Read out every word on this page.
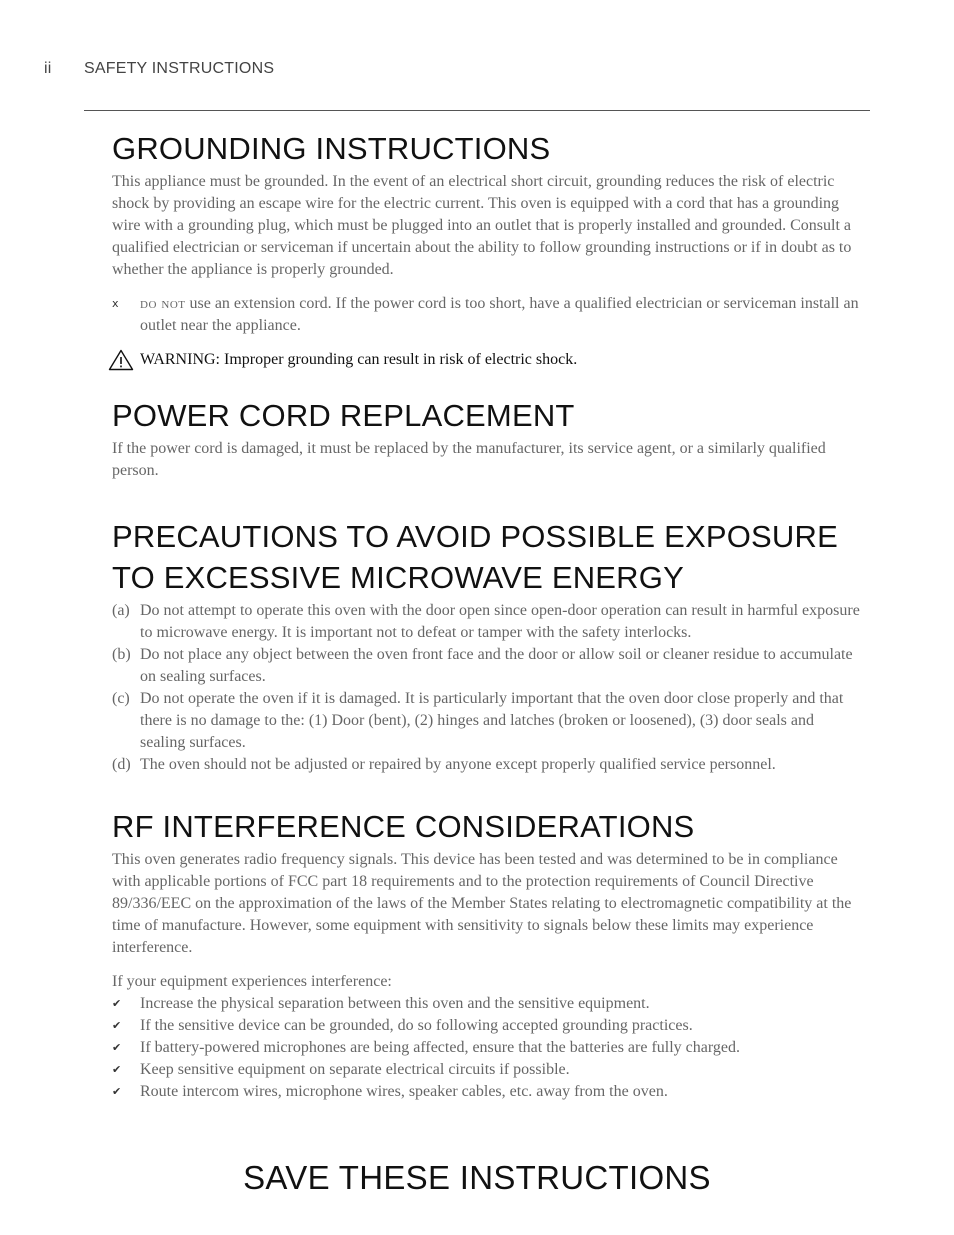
ii SAFETY INSTRUCTIONS
GROUNDING INSTRUCTIONS

This appliance must be grounded. In the event of an electrical short circuit, grounding reduces the risk of electric shock by providing an escape wire for the electric current. This oven is equipped with a cord that has a grounding wire with a grounding plug, which must be plugged into an outlet that is properly installed and grounded. Consult a qualified electrician or serviceman if uncertain about the ability to follow grounding instructions or if in doubt as to whether the appliance is properly grounded.

x	do not use an extension cord. If the power cord is too short, have a qualified electrician or serviceman install an outlet near the appliance.
WARNING: Improper grounding can result in risk of electric shock.
POWER CORD REPLACEMENT

If the power cord is damaged, it must be replaced by the manufacturer, its service agent, or a similarly qualified person.

PRECAUTIONS TO AVOID POSSIBLE EXPOSURE
TO EXCESSIVE MICROWAVE ENERGY
(a) Do not attempt to operate this oven with the door open since open-door operation can result in harmful exposure to microwave energy. It is important not to defeat or tamper with the safety interlocks.
(b) Do not place any object between the oven front face and the door or allow soil or cleaner residue to accumulate on sealing surfaces.
(c) Do not operate the oven if it is damaged. It is particularly important that the oven door close properly and that there is no damage to the: (1) Door (bent), (2) hinges and latches (broken or loosened), (3) door seals and sealing surfaces.
(d) The oven should not be adjusted or repaired by anyone except properly qualified service personnel.
RF INTERFERENCE CONSIDERATIONS

This oven generates radio frequency signals. This device has been tested and was determined to be in compliance with applicable portions of FCC part 18 requirements and to the protection requirements of Council Directive 89/336/EEC on the approximation of the laws of the Member States relating to electromagnetic compatibility at the time of manufacture. However, some equipment with sensitivity to signals below these limits may experience interference.

If your equipment experiences interference:

✔	Increase the physical separation between this oven and the sensitive equipment.
✔	If the sensitive device can be grounded, do so following accepted grounding practices.
✔	If battery-powered microphones are being affected, ensure that the batteries are fully charged.
✔	Keep sensitive equipment on separate electrical circuits if possible.
✔	Route intercom wires, microphone wires, speaker cables, etc. away from the oven.
SAVE THESE INSTRUCTIONS
